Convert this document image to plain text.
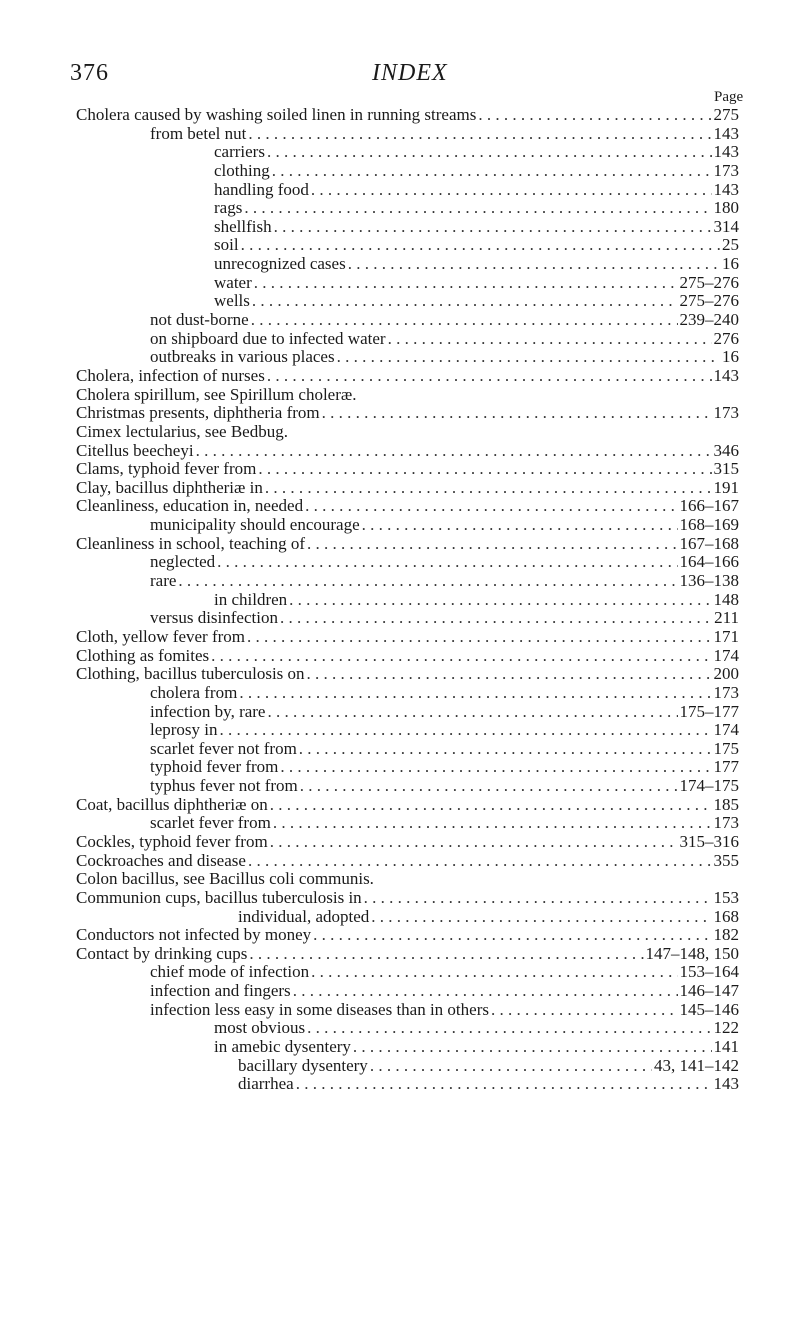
376	INDEX
Page
Cholera caused by washing soiled linen in running streams . . .	275
from betel nut . . .	143
carriers . . .	143
clothing . . .	173
handling food . . .	143
rags . . .	180
shellfish . . .	314
soil . . .	25
unrecognized cases . . .	16
water . . .	275–276
wells . . .	275–276
not dust-borne . . .	239–240
on shipboard due to infected water . . .	276
outbreaks in various places . . .	16
Cholera, infection of nurses . . .	143
Cholera spirillum, see Spirillum choleræ.
Christmas presents, diphtheria from . . .	173
Cimex lectularius, see Bedbug.
Citellus beecheyi . . .	346
Clams, typhoid fever from . . .	315
Clay, bacillus diphtheriæ in . . .	191
Cleanliness, education in, needed . . .	166–167
municipality should encourage . . .	168–169
Cleanliness in school, teaching of . . .	167–168
neglected . . .	164–166
rare . . .	136–138
in children . . .	148
versus disinfection . . .	211
Cloth, yellow fever from . . .	171
Clothing as fomites . . .	174
Clothing, bacillus tuberculosis on . . .	200
cholera from . . .	173
infection by, rare . . .	175–177
leprosy in . . .	174
scarlet fever not from . . .	175
typhoid fever from . . .	177
typhus fever not from . . .	174–175
Coat, bacillus diphtheriæ on . . .	185
scarlet fever from . . .	173
Cockles, typhoid fever from . . .	315–316
Cockroaches and disease . . .	355
Colon bacillus, see Bacillus coli communis.
Communion cups, bacillus tuberculosis in . . .	153
individual, adopted . . .	168
Conductors not infected by money . . .	182
Contact by drinking cups . . .	147–148, 150
chief mode of infection . . .	153–164
infection and fingers . . .	146–147
infection less easy in some diseases than in others . . .	145–146
most obvious . . .	122
in amebic dysentery . . .	141
bacillary dysentery . . .	43, 141–142
diarrhea . . .	143
